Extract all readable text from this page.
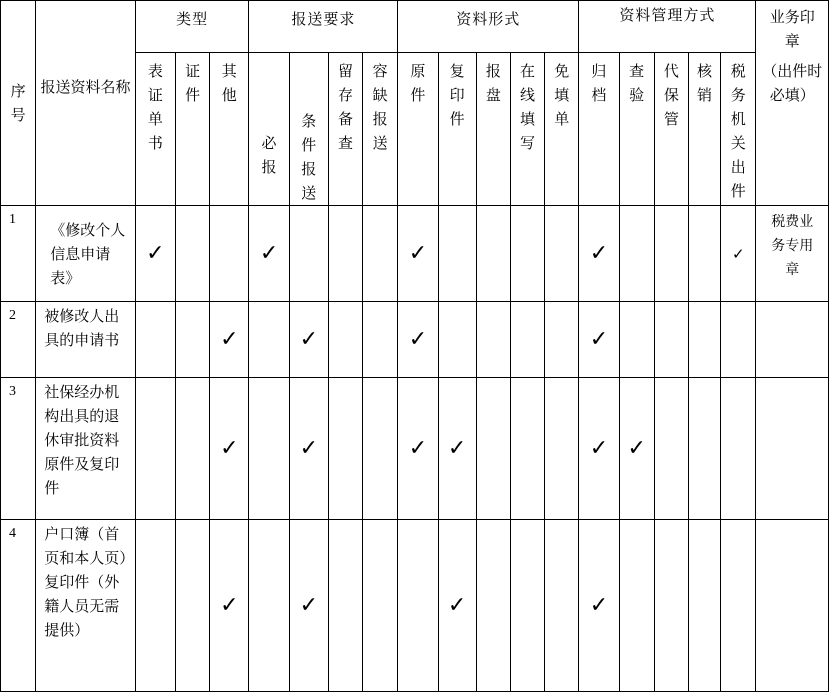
序号	报送资料名称	类型			报送要求				资料形式					资料管理方式					业务印章
（出件时必填）

		表证单书	证件	其他	必报	条件报送	留存备查	容缺报送	原件	复印件	报盘	在线填写	免填单	归档	查验	代保管	核销	税务机关出件	

1	《修改个人信息申请表》	✓			✓				✓					✓				✓	税费业务专用章

2	被修改人出具的申请书			✓		✓			✓					✓					
3	社保经办机构出具的退休审批资料原件及复印件			✓		✓			✓	✓				✓	✓				
4	户口簿（首页和本人页）复印件（外籍人员无需提供）			✓		✓				✓				✓					
